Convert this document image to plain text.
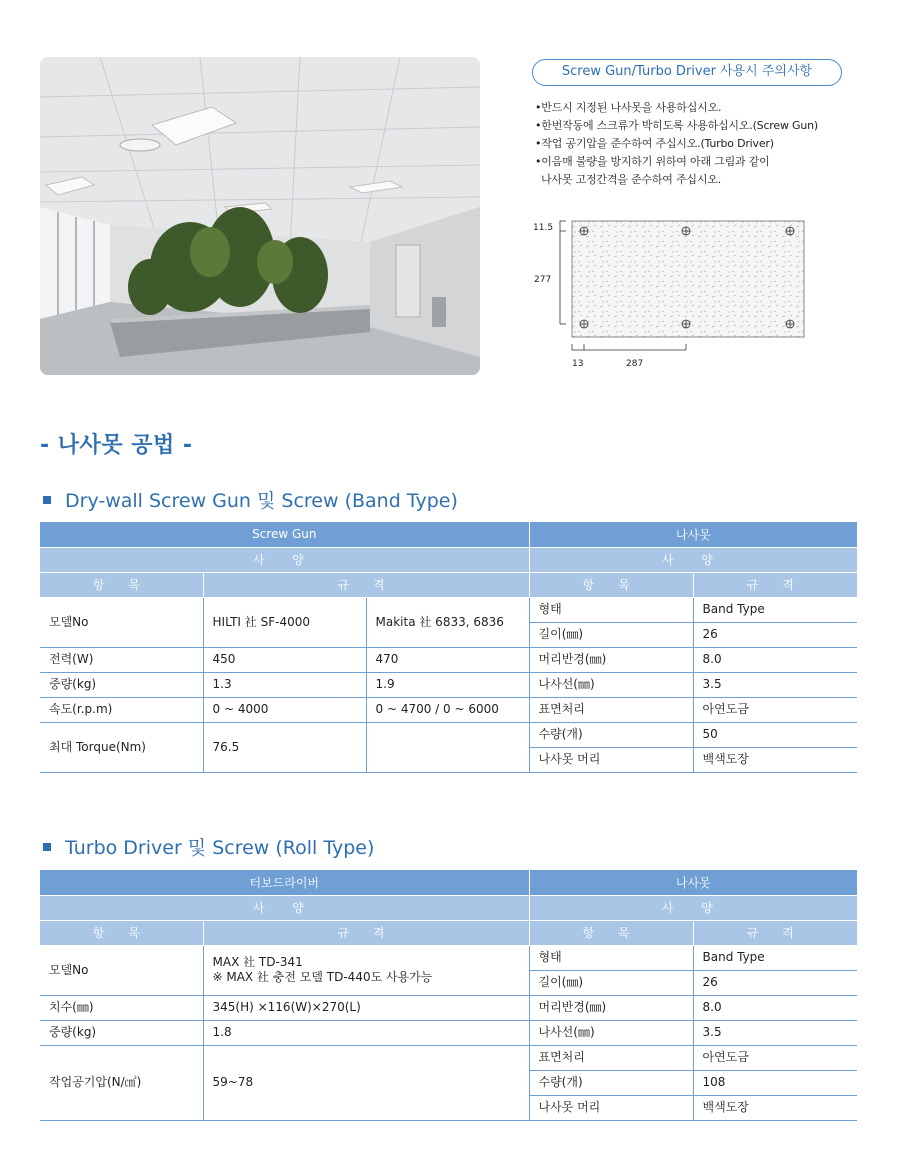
Screw Gun/Turbo Driver 사용시 주의사항
•반드시 지정된 나사못을 사용하십시오.
•한번작동에 스크류가 박히도록 사용하십시오.(Screw Gun)
•작업 공기압을 준수하여 주십시오.(Turbo Driver)
•이음매 불량을 방지하기 위하여 아래 그림과 같이
나사못 고정간격을 준수하여 주십시오.
11.5
277
13	287
- 나사못 공법 -
Dry-wall Screw Gun 및 Screw (Band Type)
Screw Gun			나사못	
사 양			사 양	
항 목	규 격		항 목	규 격
모델No	HILTI 社 SF-4000	Makita 社 6833, 6836	형태	Band Type
			길이(㎜)	26
전력(W)	450	470	머리반경(㎜)	8.0
중량(kg)	1.3	1.9	나사선(㎜)	3.5
속도(r.p.m)	0 ~ 4000	0 ~ 4700 / 0 ~ 6000	표면처리	아연도금
최대 Torque(Nm)	76.5		수량(개)	50
			나사못 머리	백색도장
Turbo Driver 및 Screw (Roll Type)
터보드라이버		나사못	
사 양		사 양	
항 목	규 격	항 목	규 격
모델No	MAX 社 TD-341
※ MAX 社 충전 모델 TD-440도 사용가능	형태	Band Type
		길이(㎜)	26
치수(㎜)	345(H) ×116(W)×270(L)	머리반경(㎜)	8.0
중량(kg)	1.8	나사선(㎜)	3.5
작업공기압(N/㎠)	59~78	표면처리	아연도금
		수량(개)	108
		나사못 머리	백색도장
